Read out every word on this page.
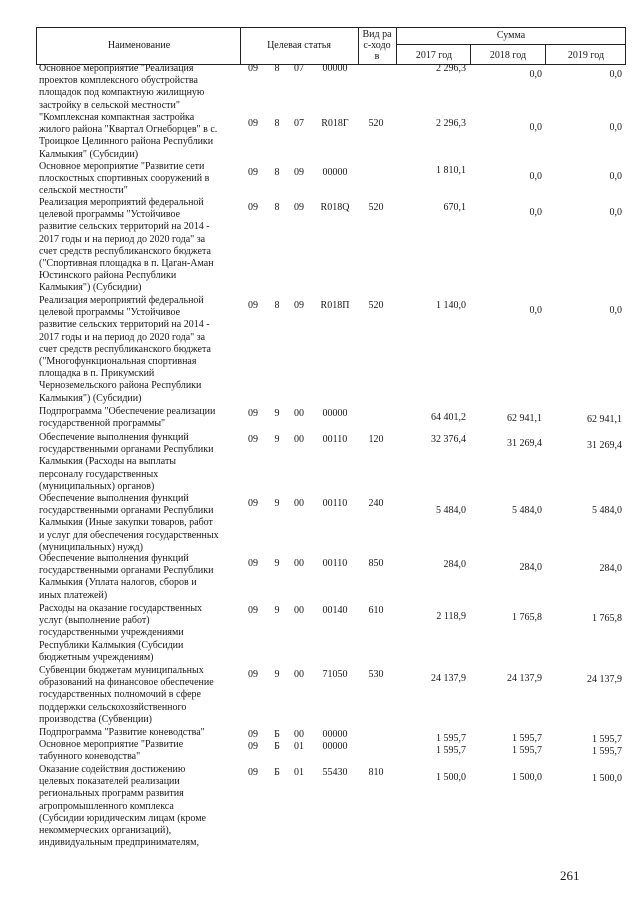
Наименование	Целевая статья
Вид рас-ходов
Сумма
2017 год	2018 год	2019 год
Основное мероприятие "Реализация
проектов комплексного обустройства
площадок под компактную жилищную
застройку в сельской местности"
09	8	07	00000	2 296,3
0,0	0,0
"Комплексная компактная застройка
жилого района "Квартал Огнеборцев" в с.
Троицкое Целинного района Республики
Калмыкия" (Субсидии)
09	8	07	R018Г	520	2 296,3	0,0	0,0
Основное мероприятие "Развитие сети
плоскостных спортивных сооружений в
сельской местности"
09	8	09	00000	1 810,1
0,0	0,0
Реализация мероприятий федеральной
целевой программы "Устойчивое
развитие сельских территорий на 2014 -
2017 годы и на период до 2020 года" за
счет средств республиканского бюджета
("Спортивная площадка в п. Цаган-Аман
Юстинского района Республики
Калмыкия") (Субсидии)
09	8	09	R018Q	520	670,1	0,0	0,0
Реализация мероприятий федеральной
целевой программы "Устойчивое
развитие сельских территорий на 2014 -
2017 годы и на период до 2020 года" за
счет средств республиканского бюджета
("Многофункциональная спортивная
площадка в п. Прикумский
Черноземельского района Республики
Калмыкия") (Субсидии)
09	8	09	R018П	520	1 140,0	0,0	0,0
Подпрограмма "Обеспечение реализации
государственной программы"
09	9	00	00000	64 401,2	62 941,1	62 941,1
Обеспечение выполнения функций
государственными органами Республики
Калмыкия (Расходы на выплаты
персоналу государственных
(муниципальных) органов)
09	9	00	00110	120	32 376,4	31 269,4	31 269,4
Обеспечение выполнения функций
государственными органами Республики
Калмыкия (Иные закупки товаров, работ
и услуг для обеспечения государственных
(муниципальных) нужд)
09	9	00	00110	240
5 484,0	5 484,0	5 484,0
Обеспечение выполнения функций
государственными органами Республики
Калмыкия (Уплата налогов, сборов и
иных платежей)
09	9	00	00110	850	284,0	284,0	284,0
Расходы на оказание государственных
услуг (выполнение работ)
государственными учреждениями
Республики Калмыкия (Субсидии
бюджетным учреждениям)
09	9	00	00140	610
2 118,9	1 765,8	1 765,8
Субвенции бюджетам муниципальных
образований на финансовое обеспечение
государственных полномочий в сфере
поддержки сельскохозяйственного
производства (Субвенции)
09	9	00	71050	530	24 137,9	24 137,9	24 137,9
Подпрограмма "Развитие коневодства"	09	Б	00	00000	1 595,7	1 595,7	1 595,7
Основное мероприятие "Развитие
табунного коневодства"
09	Б	01	00000	1 595,7	1 595,7	1 595,7
Оказание содействия достижению
целевых показателей реализации
региональных программ развития
агропромышленного комплекса
(Субсидии юридическим лицам (кроме
некоммерческих организаций),
индивидуальным предпринимателям,
09	Б	01	55430	810	1 500,0	1 500,0	1 500,0
261
